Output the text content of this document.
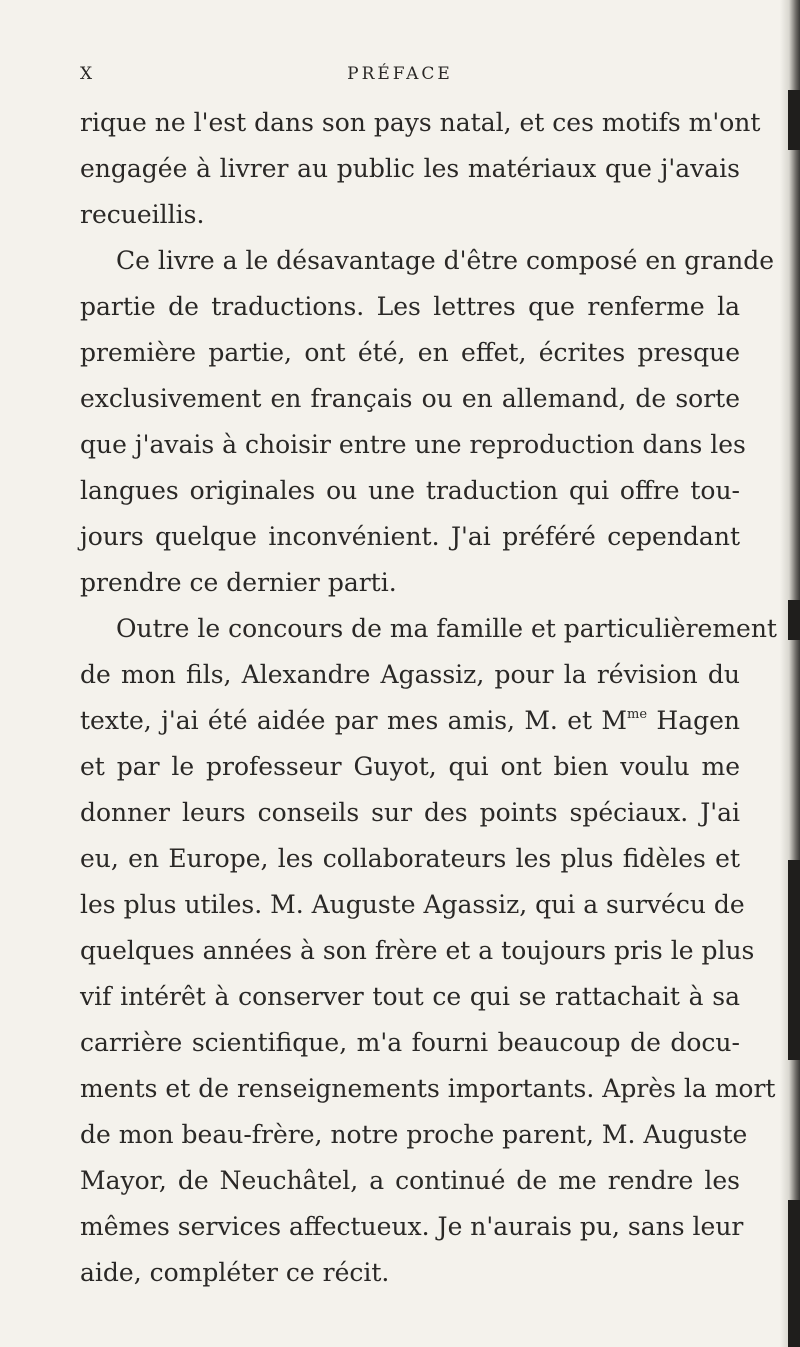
X	PRÉFACE
rique ne l'est dans son pays natal, et ces motifs m'ont
engagée à livrer au public les matériaux que j'avais
recueillis.
Ce livre a le désavantage d'être composé en grande
partie de traductions. Les lettres que renferme la
première partie, ont été, en effet, écrites presque
exclusivement en français ou en allemand, de sorte
que j'avais à choisir entre une reproduction dans les
langues originales ou une traduction qui offre tou-
jours quelque inconvénient. J'ai préféré cependant
prendre ce dernier parti.
Outre le concours de ma famille et particulièrement
de mon fils, Alexandre Agassiz, pour la révision du
texte, j'ai été aidée par mes amis, M. et $M^{me}$ Hagen
et par le professeur Guyot, qui ont bien voulu me
donner leurs conseils sur des points spéciaux. J'ai
eu, en Europe, les collaborateurs les plus fidèles et
les plus utiles. M. Auguste Agassiz, qui a survécu de
quelques années à son frère et a toujours pris le plus
vif intérêt à conserver tout ce qui se rattachait à sa
carrière scientifique, m'a fourni beaucoup de docu-
ments et de renseignements importants. Après la mort
de mon beau-frère, notre proche parent, M. Auguste
Mayor, de Neuchâtel, a continué de me rendre les
mêmes services affectueux. Je n'aurais pu, sans leur
aide, compléter ce récit.
